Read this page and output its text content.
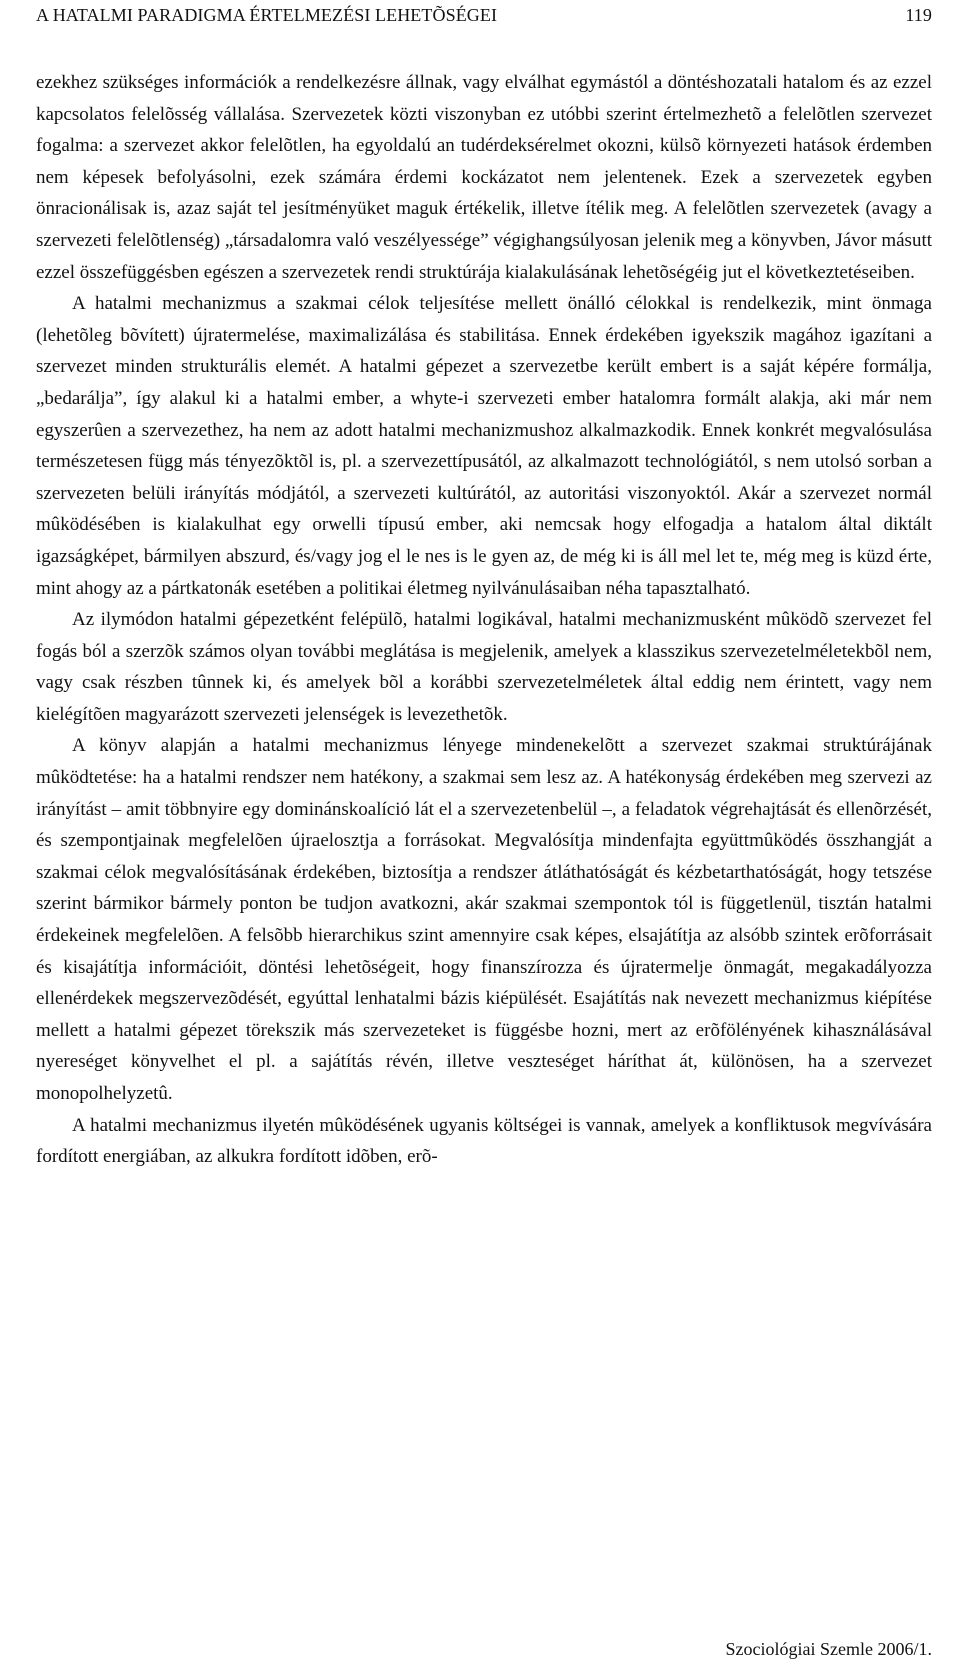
A HATALMI PARADIGMA ÉRTELMEZÉSI LEHETÕSÉGEI	119

ezekhez szükséges információk a rendelkezésre állnak, vagy elválhat egymástól a döntéshozatali hatalom és az ezzel kapcsolatos felelõsség vállalása. Szervezetek közti viszonyban ez utóbbi szerint értelmezhetõ a felelõtlen szervezet fogalma: a szervezet akkor felelõtlen, ha egyoldalú an tudérdeksérelmet okozni, külsõ környezeti hatások érdemben nem képesek befolyásolni, ezek számára érdemi kockázatot nem jelentenek. Ezek a szervezetek egyben önracionálisak is, azaz saját tel jesítményüket maguk értékelik, illetve ítélik meg. A felelõtlen szervezetek (avagy a szervezeti felelõtlenség) „társadalomra való veszélyessége” végighangsúlyosan jelenik meg a könyvben, Jávor másutt ezzel összefüggésben egészen a szervezetek rendi struktúrája kialakulásának lehetõségéig jut el következtetéseiben.

A hatalmi mechanizmus a szakmai célok teljesítése mellett önálló célokkal is rendelkezik, mint önmaga (lehetõleg bõvített) újratermelése, maximalizálása és stabilitása. Ennek érdekében igyekszik magához igazítani a szervezet minden strukturális elemét. A hatalmi gépezet a szervezetbe került embert is a saját képére formálja, „bedarálja”, így alakul ki a hatalmi ember, a whyte-i szervezeti ember hatalomra formált alakja, aki már nem egyszerûen a szervezethez, ha nem az adott hatalmi mechanizmushoz alkalmazkodik. Ennek konkrét megvalósulása természetesen függ más tényezõktõl is, pl. a szervezettípusától, az alkalmazott technológiától, s nem utolsó sorban a szervezeten belüli irányítás módjától, a szervezeti kultúrától, az autoritási viszonyoktól. Akár a szervezet normál mûködésében is kialakulhat egy orwelli típusú ember, aki nemcsak hogy elfogadja a hatalom által diktált igazságképet, bármilyen abszurd, és/vagy jog el le nes is le gyen az, de még ki is áll mel let te, még meg is küzd érte, mint ahogy az a pártkatonák esetében a politikai életmeg nyilvánulásaiban néha tapasztalható.

Az ilymódon hatalmi gépezetként felépülõ, hatalmi logikával, hatalmi mechanizmusként mûködõ szervezet fel fogás ból a szerzõk számos olyan további meglátása is megjelenik, amelyek a klasszikus szervezetelméletekbõl nem, vagy csak részben tûnnek ki, és amelyek bõl a korábbi szervezetelméletek által eddig nem érintett, vagy nem kielégítõen magyarázott szervezeti jelenségek is levezethetõk.

A könyv alapján a hatalmi mechanizmus lényege mindenekelõtt a szervezet szakmai struktúrájának mûködtetése: ha a hatalmi rendszer nem hatékony, a szakmai sem lesz az. A hatékonyság érdekében meg szervezi az irányítást – amit többnyire egy dominánskoalíció lát el a szervezetenbelül –, a feladatok végrehajtását és ellenõrzését, és szempontjainak megfelelõen újraelosztja a forrásokat. Megvalósítja mindenfajta együttmûködés összhangját a szakmai célok megvalósításának érdekében, biztosítja a rendszer átláthatóságát és kézbetarthatóságát, hogy tetszése szerint bármikor bármely ponton be tudjon avatkozni, akár szakmai szempontok tól is függetlenül, tisztán hatalmi érdekeinek megfelelõen. A felsõbb hierarchikus szint amennyire csak képes, elsajátítja az alsóbb szintek erõforrásait és kisajátítja információit, döntési lehetõségeit, hogy finanszírozza és újratermelje önmagát, megakadályozza ellenérdekek megszervezõdését, egyúttal lenhatalmi bázis kiépülését. Esajátítás nak nevezett mechanizmus kiépítése mellett a hatalmi gépezet törekszik más szervezeteket is függésbe hozni, mert az erõfölényének kihasználásával nyereséget könyvelhet el pl. a sajátítás révén, illetve veszteséget háríthat át, különösen, ha a szervezet monopolhelyzetû.

A hatalmi mechanizmus ilyetén mûködésének ugyanis költségei is vannak, amelyek a konfliktusok megvívására fordított energiában, az alkukra fordított idõben, erõ-

Szociológiai Szemle 2006/1.
